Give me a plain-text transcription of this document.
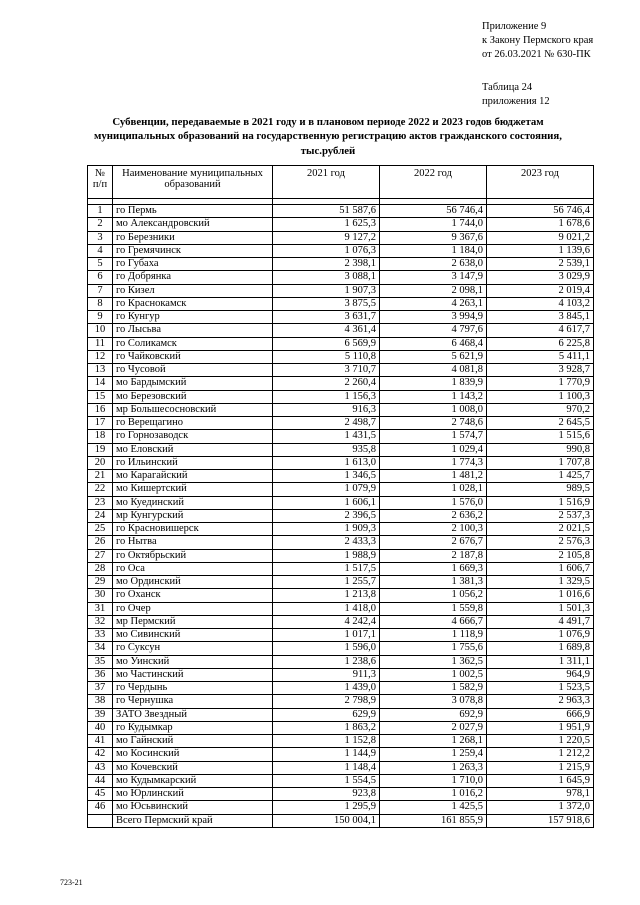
Приложение 9
к Закону Пермского края
от 26.03.2021 № 630-ПК
Таблица 24
приложения 12
Субвенции, передаваемые в 2021 году и в плановом периоде 2022 и 2023 годов бюджетам
муниципальных образований на государственную регистрацию актов гражданского состояния,
тыс.рублей
№ п/п	Наименование муниципальных образований	2021 год	2022 год	2023 год

1	го Пермь	51 587,6	56 746,4	56 746,4
2	мо Александровский	1 625,3	1 744,0	1 678,6
3	го Березники	9 127,2	9 367,6	9 021,2
4	го Гремячинск	1 076,3	1 184,0	1 139,6
5	го Губаха	2 398,1	2 638,0	2 539,1
6	го Добрянка	3 088,1	3 147,9	3 029,9
7	го Кизел	1 907,3	2 098,1	2 019,4
8	го Краснокамск	3 875,5	4 263,1	4 103,2
9	го Кунгур	3 631,7	3 994,9	3 845,1
10	го Лысьва	4 361,4	4 797,6	4 617,7
11	го Соликамск	6 569,9	6 468,4	6 225,8
12	го Чайковский	5 110,8	5 621,9	5 411,1
13	го Чусовой	3 710,7	4 081,8	3 928,7
14	мо Бардымский	2 260,4	1 839,9	1 770,9
15	мо Березовский	1 156,3	1 143,2	1 100,3
16	мр Большесосновский	916,3	1 008,0	970,2
17	го Верещагино	2 498,7	2 748,6	2 645,5
18	го Горнозаводск	1 431,5	1 574,7	1 515,6
19	мо Еловский	935,8	1 029,4	990,8
20	го Ильинский	1 613,0	1 774,3	1 707,8
21	мо Карагайский	1 346,5	1 481,2	1 425,7
22	мо Кишертский	1 079,9	1 028,1	989,5
23	мо Куединский	1 606,1	1 576,0	1 516,9
24	мр Кунгурский	2 396,5	2 636,2	2 537,3
25	го Красновишерск	1 909,3	2 100,3	2 021,5
26	го Нытва	2 433,3	2 676,7	2 576,3
27	го Октябрьский	1 988,9	2 187,8	2 105,8
28	го Оса	1 517,5	1 669,3	1 606,7
29	мо Ординский	1 255,7	1 381,3	1 329,5
30	го Оханск	1 213,8	1 056,2	1 016,6
31	го Очер	1 418,0	1 559,8	1 501,3
32	мр Пермский	4 242,4	4 666,7	4 491,7
33	мо Сивинский	1 017,1	1 118,9	1 076,9
34	го Суксун	1 596,0	1 755,6	1 689,8
35	мо Уинский	1 238,6	1 362,5	1 311,1
36	мо Частинский	911,3	1 002,5	964,9
37	го Чердынь	1 439,0	1 582,9	1 523,5
38	го Чернушка	2 798,9	3 078,8	2 963,3
39	ЗАТО Звездный	629,9	692,9	666,9
40	го Кудымкар	1 863,2	2 027,9	1 951,9
41	мо Гайнский	1 152,8	1 268,1	1 220,5
42	мо Косинский	1 144,9	1 259,4	1 212,2
43	мо Кочевский	1 148,4	1 263,3	1 215,9
44	мо Кудымкарский	1 554,5	1 710,0	1 645,9
45	мо Юрлинский	923,8	1 016,2	978,1
46	мо Юсьвинский	1 295,9	1 425,5	1 372,0
	Всего Пермский край	150 004,1	161 855,9	157 918,6
723-21
